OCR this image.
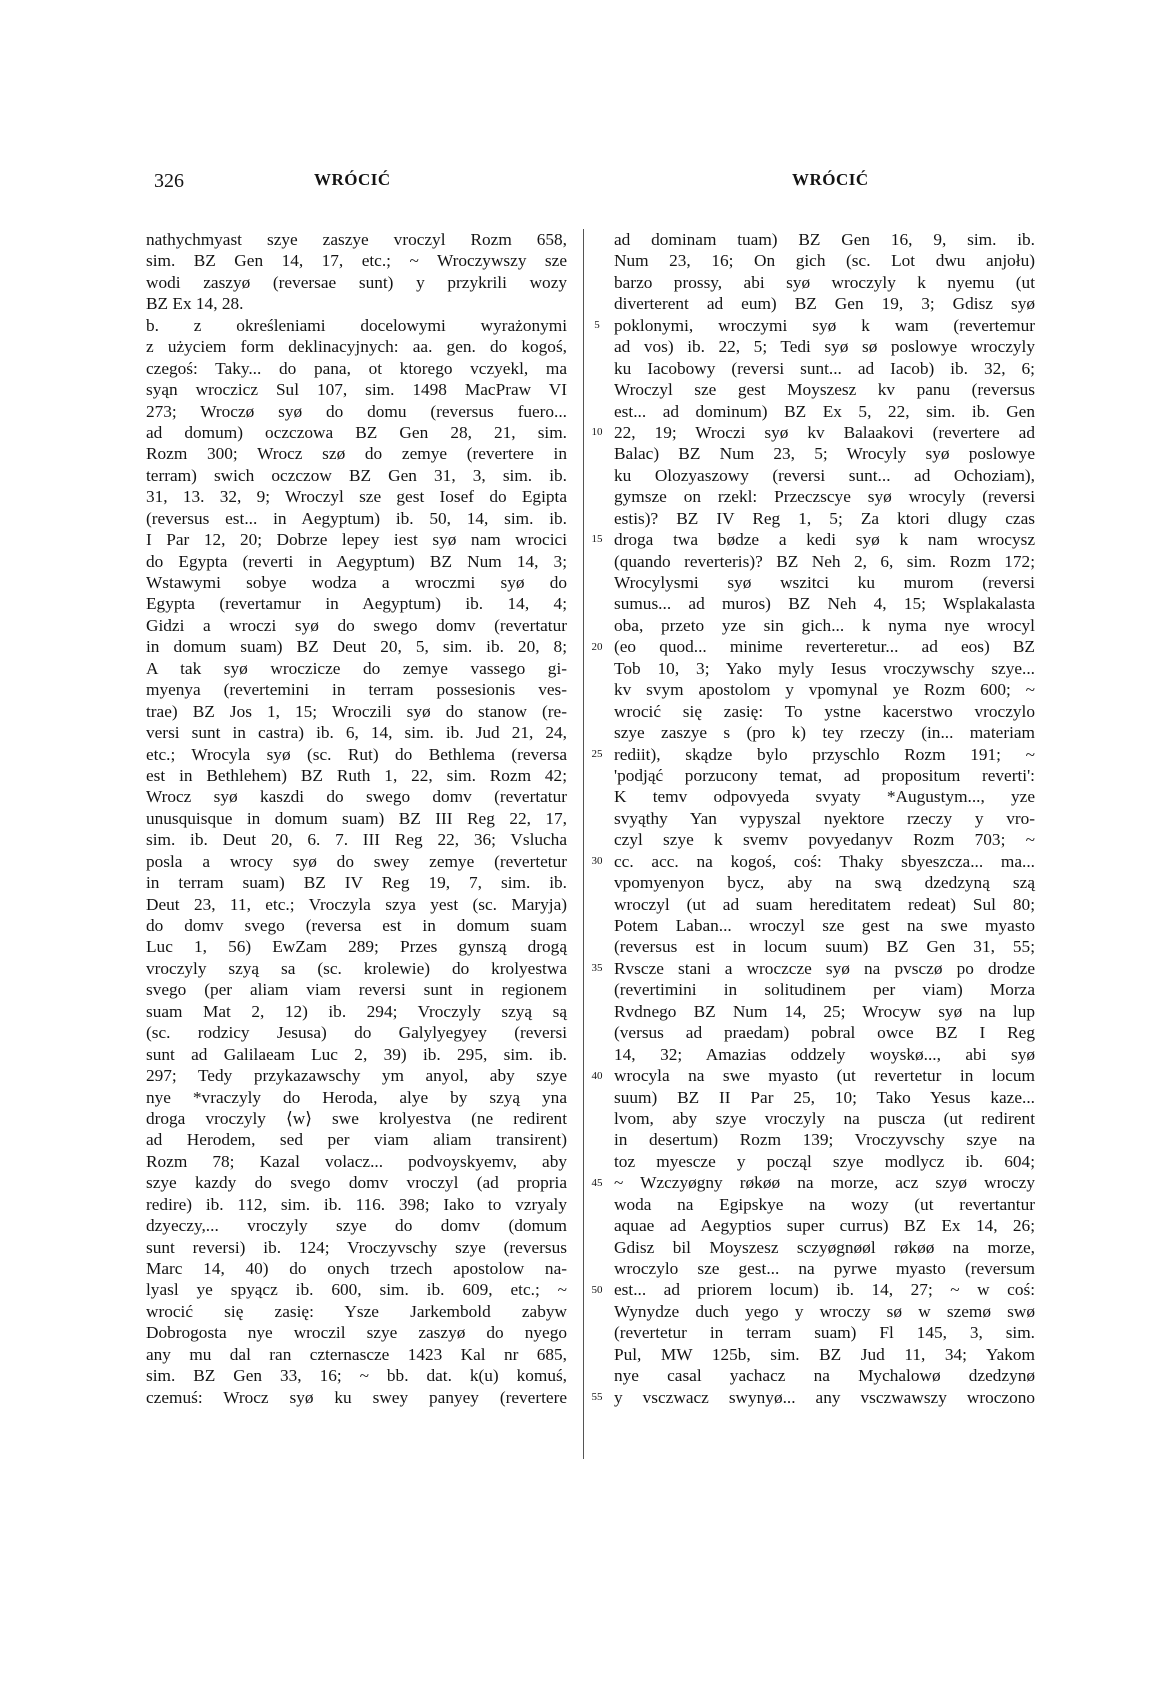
326	WRÓCIĆ	WRÓCIĆ
nathychmyast szye zaszye vroczyl Rozm 658,
sim. BZ Gen 14, 17, etc.; ~ Wroczywszy sze
wodi zaszyø (reversae sunt) y przykrili wozy
BZ Ex 14, 28.
b. z określeniami docelowymi wyrażonymi
z użyciem form deklinacyjnych: aa. gen. do kogoś,
czegoś: Taky... do pana, ot ktorego vczyekl, ma
syąn wroczicz Sul 107, sim. 1498 MacPraw VI
273; Wroczø syø do domu (reversus fuero...
ad domum) oczczowa BZ Gen 28, 21, sim.
Rozm 300; Wrocz szø do zemye (revertere in
terram) swich oczczow BZ Gen 31, 3, sim. ib.
31, 13. 32, 9; Wroczyl sze gest Iosef do Egipta
(reversus est... in Aegyptum) ib. 50, 14, sim. ib.
I Par 12, 20; Dobrze lepey iest syø nam wrocici
do Egypta (reverti in Aegyptum) BZ Num 14, 3;
Wstawymi sobye wodza a wroczmi syø do
Egypta (revertamur in Aegyptum) ib. 14, 4;
Gidzi a wroczi syø do swego domv (revertatur
in domum suam) BZ Deut 20, 5, sim. ib. 20, 8;
A tak syø wroczicze do zemye vassego gi-
myenya (revertemini in terram possesionis ves-
trae) BZ Jos 1, 15; Wroczili syø do stanow (re-
versi sunt in castra) ib. 6, 14, sim. ib. Jud 21, 24,
etc.; Wrocyla syø (sc. Rut) do Bethlema (reversa
est in Bethlehem) BZ Ruth 1, 22, sim. Rozm 42;
Wrocz syø kaszdi do swego domv (revertatur
unusquisque in domum suam) BZ III Reg 22, 17,
sim. ib. Deut 20, 6. 7. III Reg 22, 36; Vslucha
posla a wrocy syø do swey zemye (revertetur
in terram suam) BZ IV Reg 19, 7, sim. ib.
Deut 23, 11, etc.; Vroczyla szya yest (sc. Maryja)
do domv svego (reversa est in domum suam
Luc 1, 56) EwZam 289; Przes gynszą drogą
vroczyly szyą sa (sc. krolewie) do krolyestwa
svego (per aliam viam reversi sunt in regionem
suam Mat 2, 12) ib. 294; Vroczyly szyą są
(sc. rodzicy Jesusa) do Galylyegyey (reversi
sunt ad Galilaeam Luc 2, 39) ib. 295, sim. ib.
297; Tedy przykazawschy ym anyol, aby szye
nye *vraczyly do Heroda, alye by szyą yna
droga vroczyly ⟨w⟩ swe krolyestva (ne redirent
ad Herodem, sed per viam aliam transirent)
Rozm 78; Kazal volacz... podvoyskyemv, aby
szye kazdy do svego domv vroczyl (ad propria
redire) ib. 112, sim. ib. 116. 398; Iako to vzryaly
dzyeczy,... vroczyly szye do domv (domum
sunt reversi) ib. 124; Vroczyvschy szye (reversus
Marc 14, 40) do onych trzech apostolow na-
lyasl ye spyącz ib. 600, sim. ib. 609, etc.; ~
wrocić się zasię: Ysze Jarkembold zabyw
Dobrogosta nye wroczil szye zaszyø do nyego
any mu dal ran czternascze 1423 Kal nr 685,
sim. BZ Gen 33, 16; ~ bb. dat. k(u) komuś,
czemuś: Wrocz syø ku swey panyey (revertere
5
10
15
20
25
30
35
40
45
50
55
ad dominam tuam) BZ Gen 16, 9, sim. ib.
Num 23, 16; On gich (sc. Lot dwu anjołu)
barzo prossy, abi syø wroczyly k nyemu (ut
diverterent ad eum) BZ Gen 19, 3; Gdisz syø
poklonymi, wroczymi syø k wam (revertemur
ad vos) ib. 22, 5; Tedi syø sø poslowye wroczyly
ku Iacobowy (reversi sunt... ad Iacob) ib. 32, 6;
Wroczyl sze gest Moyszesz kv panu (reversus
est... ad dominum) BZ Ex 5, 22, sim. ib. Gen
22, 19; Wroczi syø kv Balaakovi (revertere ad
Balac) BZ Num 23, 5; Wrocyly syø poslowye
ku Olozyaszowy (reversi sunt... ad Ochoziam),
gymsze on rzekl: Przeczscye syø wrocyly (reversi
estis)? BZ IV Reg 1, 5; Za ktori dlugy czas
droga twa bødze a kedi syø k nam wrocysz
(quando reverteris)? BZ Neh 2, 6, sim. Rozm 172;
Wrocylysmi syø wszitci ku murom (reversi
sumus... ad muros) BZ Neh 4, 15; Wsplakalasta
oba, przeto yze sin gich... k nyma nye wrocyl
(eo quod... minime reverteretur... ad eos) BZ
Tob 10, 3; Yako myly Iesus vroczywschy szye...
kv svym apostolom y vpomynal ye Rozm 600; ~
wrocić się zasię: To ystne kacerstwo vroczylo
szye zaszye s (pro k) tey rzeczy (in... materiam
rediit), skądze bylo przyschlo Rozm 191; ~
'podjąć porzucony temat, ad propositum reverti':
K temv odpovyeda svyaty *Augustym..., yze
svyąthy Yan vypyszal nyektore rzeczy y vro-
czyl szye k svemv povyedanyv Rozm 703; ~
cc. acc. na kogoś, coś: Thaky sbyeszcza... ma...
vpomyenyon bycz, aby na swą dzedzyną szą
wroczyl (ut ad suam hereditatem redeat) Sul 80;
Potem Laban... wroczyl sze gest na swe myasto
(reversus est in locum suum) BZ Gen 31, 55;
Rvscze stani a wroczcze syø na pvsczø po drodze
(revertimini in solitudinem per viam) Morza
Rvdnego BZ Num 14, 25; Wrocyw syø na lup
(versus ad praedam) pobral owce BZ I Reg
14, 32; Amazias oddzely woyskø..., abi syø
wrocyla na swe myasto (ut revertetur in locum
suum) BZ II Par 25, 10; Tako Yesus kaze...
lvom, aby szye vroczyly na puscza (ut redirent
in desertum) Rozm 139; Vroczyvschy szye na
toz myescze y począl szye modlycz ib. 604;
~ Wzczyøgny røkøø na morze, acz szyø wroczy
woda na Egipskye na wozy (ut revertantur
aquae ad Aegyptios super currus) BZ Ex 14, 26;
Gdisz bil Moyszesz sczyøgnøøl røkøø na morze,
wroczylo sze gest... na pyrwe myasto (reversum
est... ad priorem locum) ib. 14, 27; ~ w coś:
Wynydze duch yego y wroczy sø w szemø swø
(revertetur in terram suam) Fl 145, 3, sim.
Pul, MW 125b, sim. BZ Jud 11, 34; Yakom
nye casal yachacz na Mychalowø dzedzynø
y vsczwacz swynyø... any vsczwawszy wroczono
